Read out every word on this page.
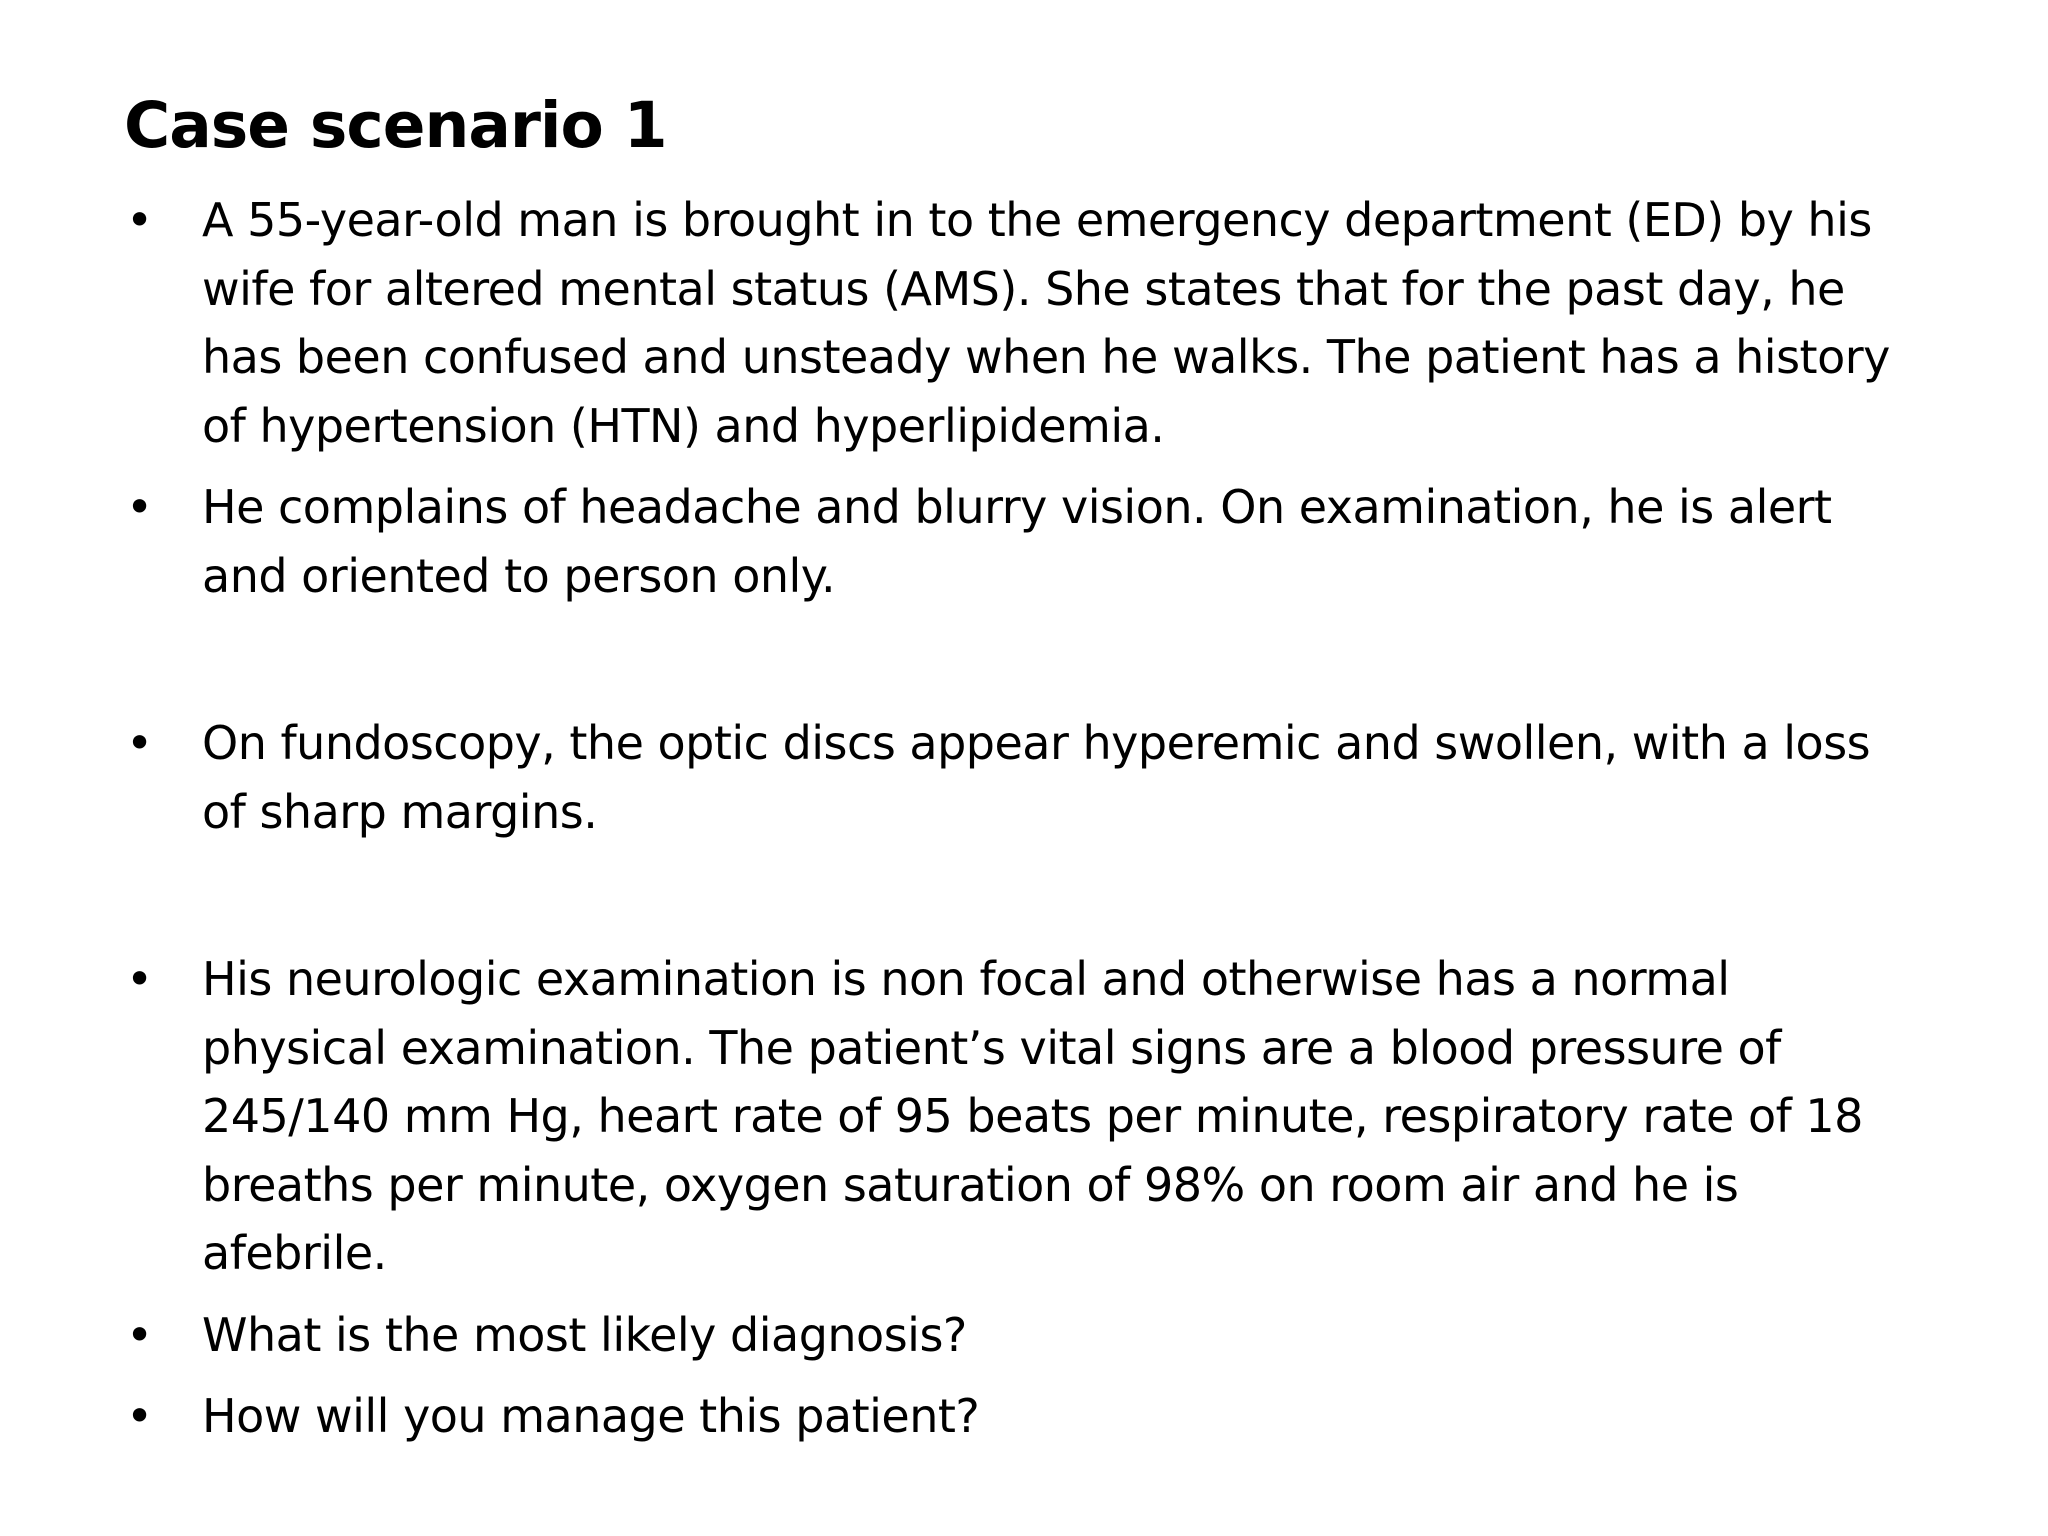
Case scenario 1
• A 55-year-old man is brought in to the emergency department (ED) by his
wife for altered mental status (AMS). She states that for the past day, he
has been confused and unsteady when he walks. The patient has a history
of hypertension (HTN) and hyperlipidemia.
• He complains of headache and blurry vision. On examination, he is alert
and oriented to person only.
• On fundoscopy, the optic discs appear hyperemic and swollen, with a loss
of sharp margins.
• His neurologic examination is non focal and otherwise has a normal
physical examination. The patient’s vital signs are a blood pressure of
245/140 mm Hg, heart rate of 95 beats per minute, respiratory rate of 18
breaths per minute, oxygen saturation of 98% on room air and he is
afebrile.
• What is the most likely diagnosis?
• How will you manage this patient?
